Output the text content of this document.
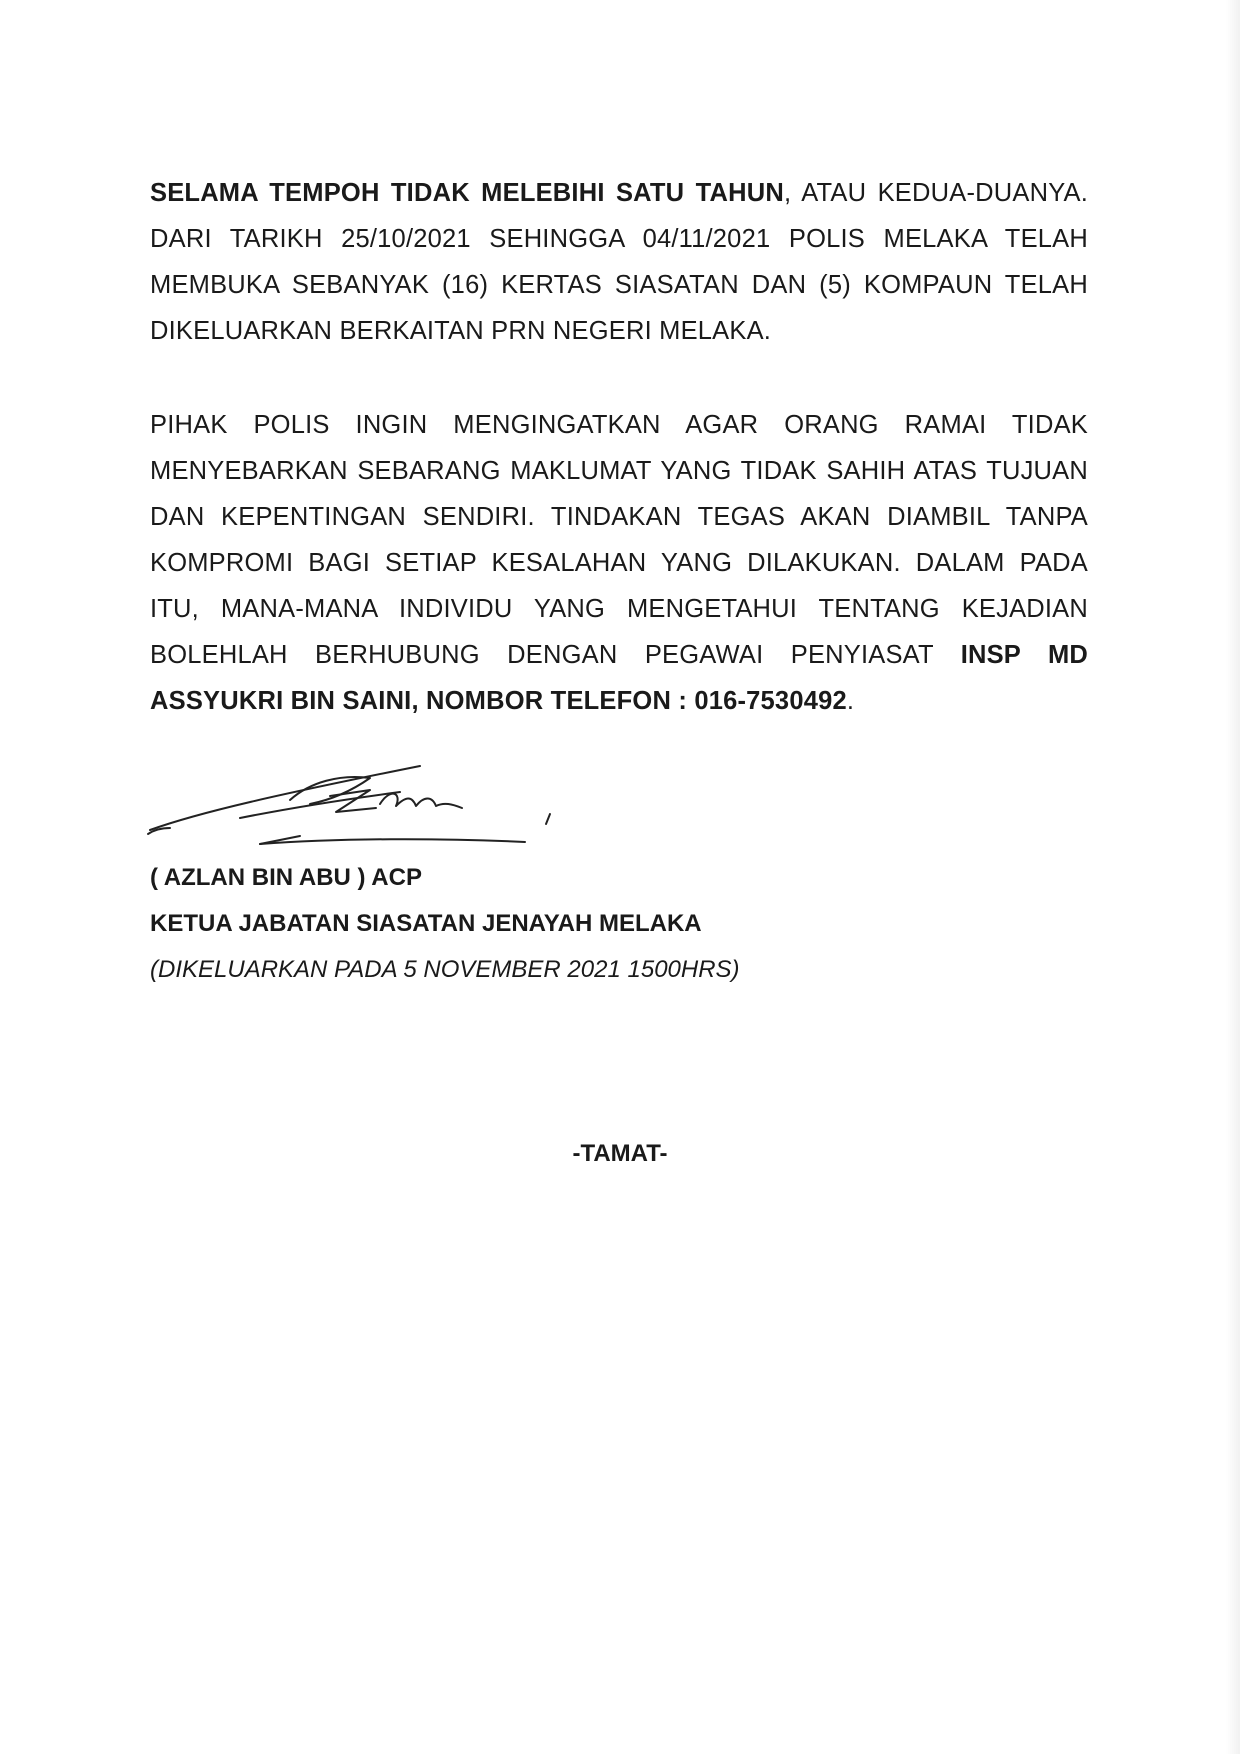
SELAMA TEMPOH TIDAK MELEBIHI SATU TAHUN, ATAU KEDUA-DUANYA. DARI TARIKH 25/10/2021 SEHINGGA 04/11/2021 POLIS MELAKA TELAH MEMBUKA SEBANYAK (16) KERTAS SIASATAN DAN (5) KOMPAUN TELAH DIKELUARKAN BERKAITAN PRN NEGERI MELAKA.

PIHAK POLIS INGIN MENGINGATKAN AGAR ORANG RAMAI TIDAK MENYEBARKAN SEBARANG MAKLUMAT YANG TIDAK SAHIH ATAS TUJUAN DAN KEPENTINGAN SENDIRI. TINDAKAN TEGAS AKAN DIAMBIL TANPA KOMPROMI BAGI SETIAP KESALAHAN YANG DILAKUKAN. DALAM PADA ITU, MANA-MANA INDIVIDU YANG MENGETAHUI TENTANG KEJADIAN BOLEHLAH BERHUBUNG DENGAN PEGAWAI PENYIASAT INSP MD ASSYUKRI BIN SAINI, NOMBOR TELEFON : 016-7530492.

( AZLAN BIN ABU ) ACP

KETUA JABATAN SIASATAN JENAYAH MELAKA

(DIKELUARKAN PADA 5 NOVEMBER 2021 1500HRS)

-TAMAT-
